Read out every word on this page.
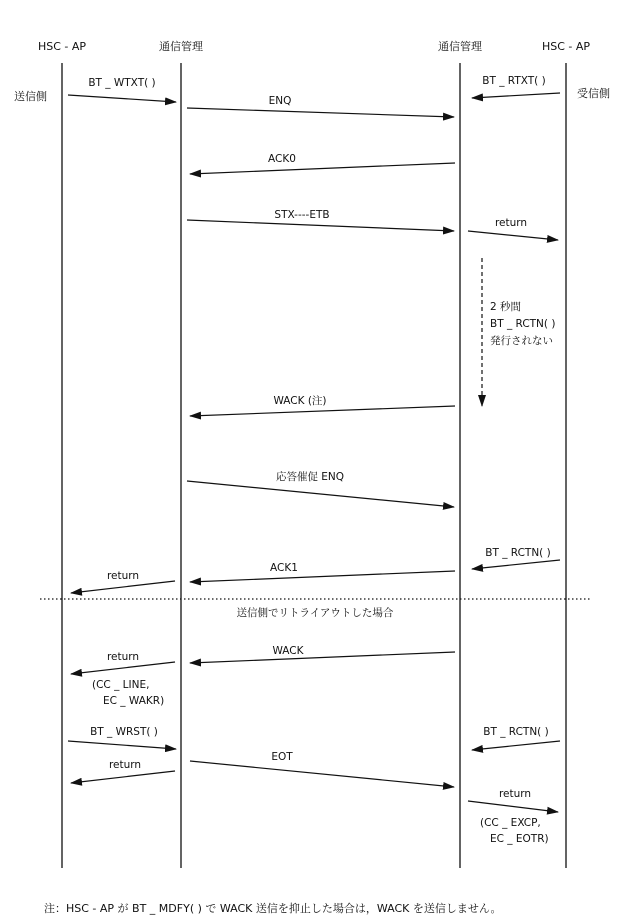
HSC - AP	通信管理	通信管理	HSC - AP
送信側	受信側
BT _ WTXT( )	BT _ RTXT( )
ENQ
ACK0
STX----ETB
return
2 秒間
BT _ RCTN( )
発行されない
WACK (注)
応答催促 ENQ
BT _ RCTN( )
ACK1
return
送信側でリトライアウトした場合
WACK
return
(CC _ LINE,
EC _ WAKR)
BT _ WRST( )	BT _ RCTN( )
EOT
return
return
(CC _ EXCP,
EC _ EOTR)
注：HSC - AP が BT _ MDFY( ) で WACK 送信を抑止した場合は，WACK を送信しません。
